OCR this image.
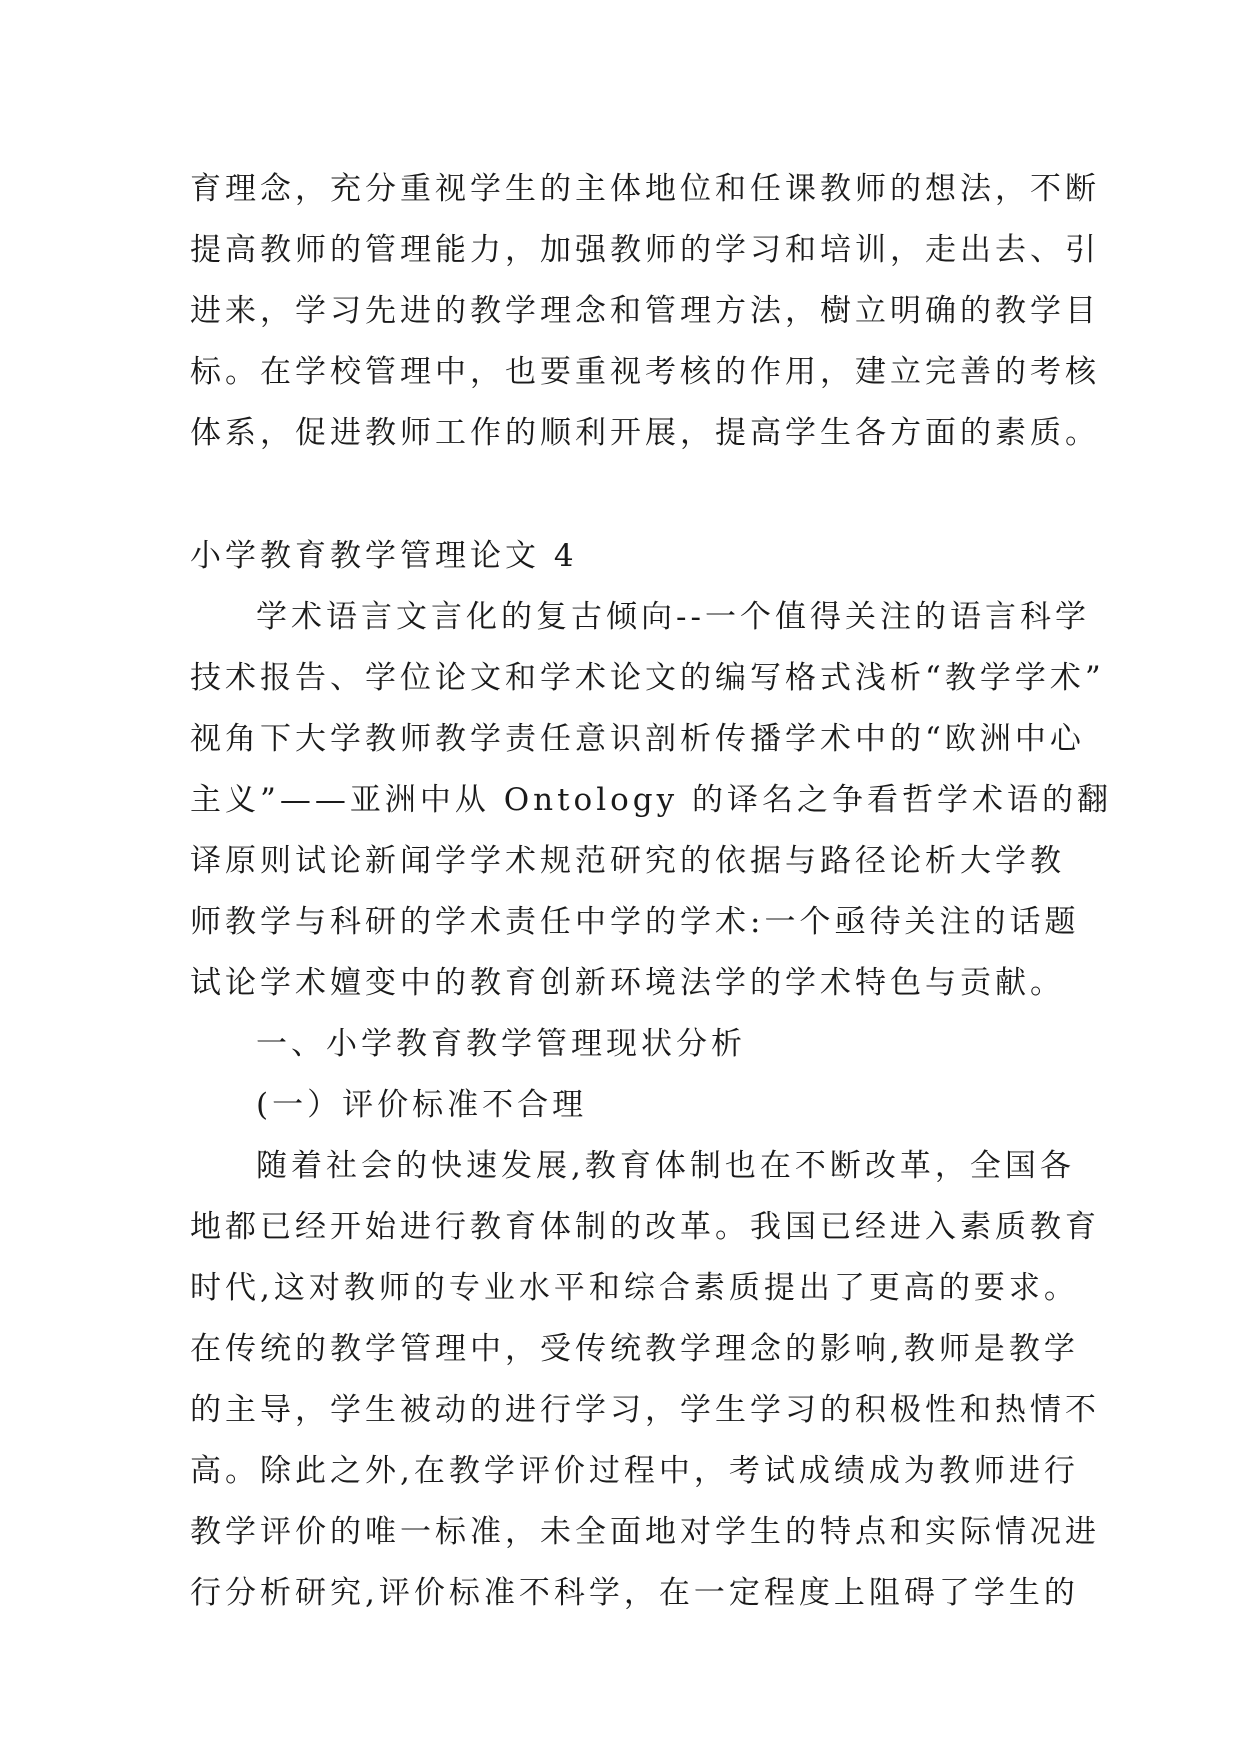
育理念，充分重视学生的主体地位和任课教师的想法，不断
提高教师的管理能力，加强教师的学习和培训，走出去、引
进来，学习先进的教学理念和管理方法，樹立明确的教学目
标。在学校管理中，也要重视考核的作用，建立完善的考核
体系，促进教师工作的顺利开展，提高学生各方面的素质。
小学教育教学管理论文 4
学术语言文言化的复古倾向--一个值得关注的语言科学
技术报告、学位论文和学术论文的编写格式浅析“教学学术”
视角下大学教师教学责任意识剖析传播学术中的“欧洲中心
主义”——亚洲中从 Ontology 的译名之争看哲学术语的翻
译原则试论新闻学学术规范研究的依据与路径论析大学教
师教学与科研的学术责任中学的学术:一个亟待关注的话题
试论学术嬗变中的教育创新环境法学的学术特色与贡献。
一、小学教育教学管理现状分析
(一）评价标准不合理
随着社会的快速发展,教育体制也在不断改革，全国各
地都已经开始进行教育体制的改革。我国已经进入素质教育
时代,这对教师的专业水平和综合素质提出了更高的要求。
在传统的教学管理中，受传统教学理念的影响,教师是教学
的主导，学生被动的进行学习，学生学习的积极性和热情不
高。除此之外,在教学评价过程中，考试成绩成为教师进行
教学评价的唯一标准，未全面地对学生的特点和实际情况进
行分析研究,评价标准不科学，在一定程度上阻碍了学生的
